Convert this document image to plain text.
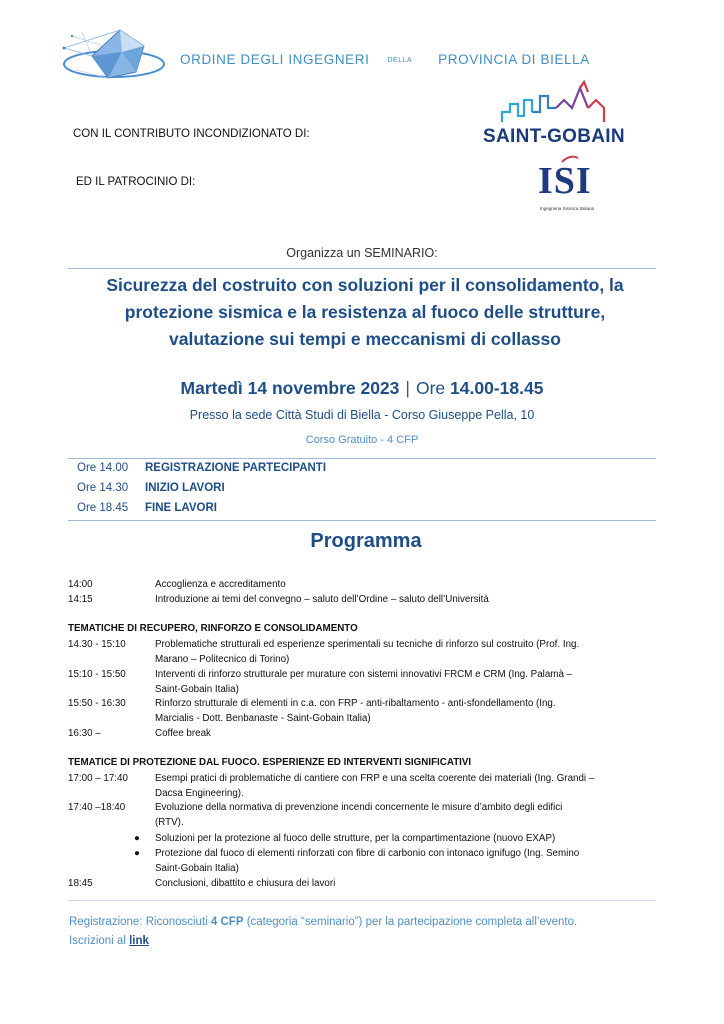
ORDINE DEGLI INGEGNERI	DELLA PROVINCIA DI BIELLA
CON IL CONTRIBUTO INCONDIZIONATO DI:
ED IL PATROCINIO DI:
SAINT-GOBAIN
ISI
Ingegneria Sismica Italiana
Organizza un SEMINARIO:
Sicurezza del costruito con soluzioni per il consolidamento, la
protezione sismica e la resistenza al fuoco delle strutture,
valutazione sui tempi e meccanismi di collasso
Martedì 14 novembre 2023 | Ore 14.00-18.45
Presso la sede Città Studi di Biella - Corso Giuseppe Pella, 10
Corso Gratuito - 4 CFP
Ore 14.00 REGISTRAZIONE PARTECIPANTI
Ore 14.30 INIZIO LAVORI
Ore 18.45 FINE LAVORI
Programma
14:00	Accoglienza e accreditamento
14:15	Introduzione ai temi del convegno – saluto dell’Ordine – saluto dell’Università
TEMATICHE DI RECUPERO, RINFORZO E CONSOLIDAMENTO
14.30 - 15:10	Problematiche strutturali ed esperienze sperimentali su tecniche di rinforzo sul costruito (Prof. Ing.
Marano – Politecnico di Torino)
15:10 - 15:50	Interventi di rinforzo strutturale per murature con sistemi innovativi FRCM e CRM (Ing. Palamà –
Saint-Gobain Italia)
15:50 - 16:30	Rinforzo strutturale di elementi in c.a. con FRP - anti-ribaltamento - anti-sfondellamento (Ing.
Marcialis - Dott. Benbanaste - Saint-Gobain Italia)
16:30 –	Coffee break
TEMATICE DI PROTEZIONE DAL FUOCO. ESPERIENZE ED INTERVENTI SIGNIFICATIVI
17:00 – 17:40	Esempi pratici di problematiche di cantiere con FRP e una scelta coerente dei materiali (Ing. Grandi –
Dacsa Engineering).
17:40 –18:40	Evoluzione della normativa di prevenzione incendi concernente le misure d’ambito degli edifici
(RTV).
● Soluzioni per la protezione al fuoco delle strutture, per la compartimentazione (nuovo EXAP)
● Protezione dal fuoco di elementi rinforzati con fibre di carbonio con intonaco ignifugo (Ing. Semino
Saint-Gobain Italia)
18:45	Conclusioni, dibattito e chiusura dei lavori
Registrazione: Riconosciuti 4 CFP (categoria “seminario”) per la partecipazione completa all’evento.
Iscrizioni al link
